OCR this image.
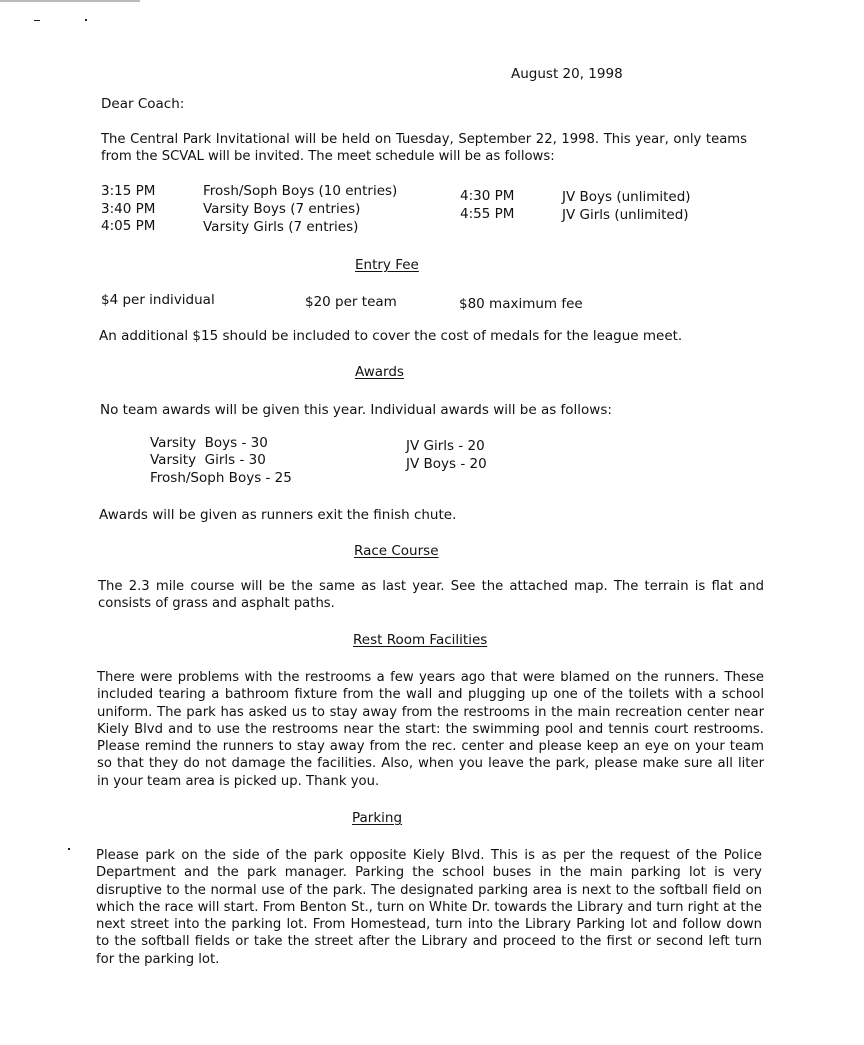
August 20, 1998
Dear Coach:
The Central Park Invitational will be held on Tuesday, September 22, 1998. This year, only teams from the SCVAL will be invited. The meet schedule will be as follows:
3:15 PM	Frosh/Soph Boys (10 entries)
3:40 PM	Varsity Boys (7 entries)
4:05 PM	Varsity Girls (7 entries)
4:30 PM	JV Boys (unlimited)
4:55 PM	JV Girls (unlimited)
Entry Fee
$4 per individual	$20 per team	$80 maximum fee
An additional $15 should be included to cover the cost of medals for the league meet.
Awards
No team awards will be given this year. Individual awards will be as follows:
Varsity  Boys - 30
Varsity  Girls - 30
Frosh/Soph Boys - 25
JV Girls - 20
JV Boys - 20
Awards will be given as runners exit the finish chute.
Race Course
The 2.3 mile course will be the same as last year. See the attached map. The terrain is flat and consists of grass and asphalt paths.
Rest Room Facilities
There were problems with the restrooms a few years ago that were blamed on the runners. These included tearing a bathroom fixture from the wall and plugging up one of the toilets with a school uniform. The park has asked us to stay away from the restrooms in the main recreation center near Kiely Blvd and to use the restrooms near the start: the swimming pool and tennis court restrooms. Please remind the runners to stay away from the rec. center and please keep an eye on your team so that they do not damage the facilities. Also, when you leave the park, please make sure all liter in your team area is picked up. Thank you.
Parking
Please park on the side of the park opposite Kiely Blvd. This is as per the request of the Police Department and the park manager. Parking the school buses in the main parking lot is very disruptive to the normal use of the park. The designated parking area is next to the softball field on which the race will start. From Benton St., turn on White Dr. towards the Library and turn right at the next street into the parking lot. From Homestead, turn into the Library Parking lot and follow down to the softball fields or take the street after the Library and proceed to the first or second left turn for the parking lot.
